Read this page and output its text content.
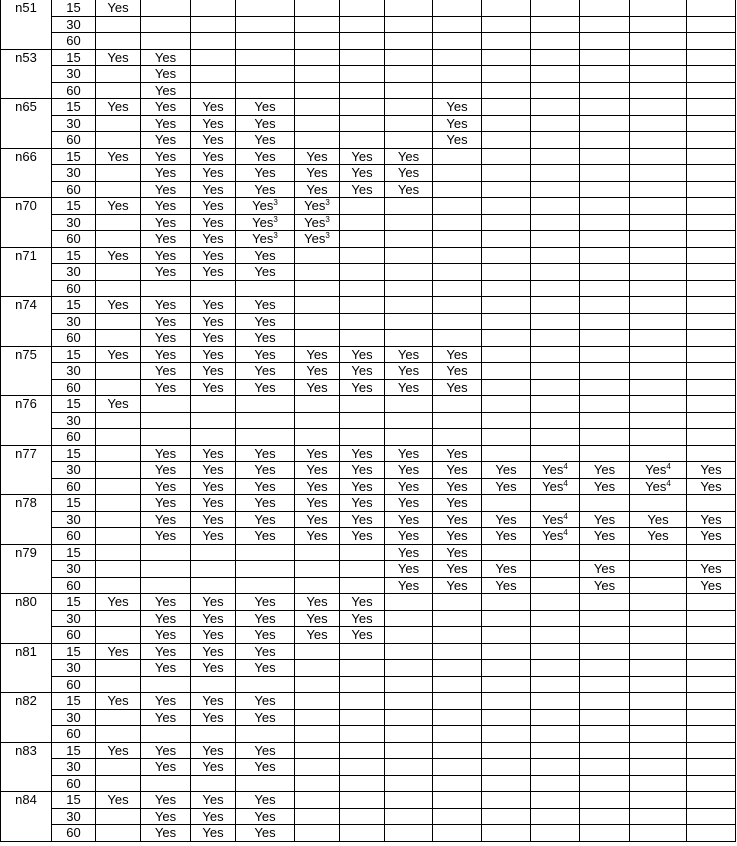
n51	15	Yes												
	30													
	60													
n53	15	Yes	Yes											
	30		Yes											
	60		Yes											
n65	15	Yes	Yes	Yes	Yes				Yes					
	30		Yes	Yes	Yes				Yes					
	60		Yes	Yes	Yes				Yes					
n66	15	Yes	Yes	Yes	Yes	Yes	Yes	Yes						
	30		Yes	Yes	Yes	Yes	Yes	Yes						
	60		Yes	Yes	Yes	Yes	Yes	Yes						
n70	15	Yes	Yes	Yes	Yes$^3$	Yes$^3$								
	30		Yes	Yes	Yes$^3$	Yes$^3$								
	60		Yes	Yes	Yes$^3$	Yes$^3$								
n71	15	Yes	Yes	Yes	Yes									
	30		Yes	Yes	Yes									
	60													
n74	15	Yes	Yes	Yes	Yes									
	30		Yes	Yes	Yes									
	60		Yes	Yes	Yes									
n75	15	Yes	Yes	Yes	Yes	Yes	Yes	Yes	Yes					
	30		Yes	Yes	Yes	Yes	Yes	Yes	Yes					
	60		Yes	Yes	Yes	Yes	Yes	Yes	Yes					
n76	15	Yes												
	30													
	60													
n77	15		Yes	Yes	Yes	Yes	Yes	Yes	Yes					
	30		Yes	Yes	Yes	Yes	Yes	Yes	Yes	Yes	Yes$^4$	Yes	Yes$^4$	Yes
	60		Yes	Yes	Yes	Yes	Yes	Yes	Yes	Yes	Yes$^4$	Yes	Yes$^4$	Yes
n78	15		Yes	Yes	Yes	Yes	Yes	Yes	Yes					
	30		Yes	Yes	Yes	Yes	Yes	Yes	Yes	Yes	Yes$^4$	Yes	Yes	Yes
	60		Yes	Yes	Yes	Yes	Yes	Yes	Yes	Yes	Yes$^4$	Yes	Yes	Yes
n79	15							Yes	Yes					
	30							Yes	Yes	Yes		Yes		Yes
	60							Yes	Yes	Yes		Yes		Yes
n80	15	Yes	Yes	Yes	Yes	Yes	Yes							
	30		Yes	Yes	Yes	Yes	Yes							
	60		Yes	Yes	Yes	Yes	Yes							
n81	15	Yes	Yes	Yes	Yes									
	30		Yes	Yes	Yes									
	60													
n82	15	Yes	Yes	Yes	Yes									
	30		Yes	Yes	Yes									
	60													
n83	15	Yes	Yes	Yes	Yes									
	30		Yes	Yes	Yes									
	60													
n84	15	Yes	Yes	Yes	Yes									
	30		Yes	Yes	Yes									
	60		Yes	Yes	Yes									
